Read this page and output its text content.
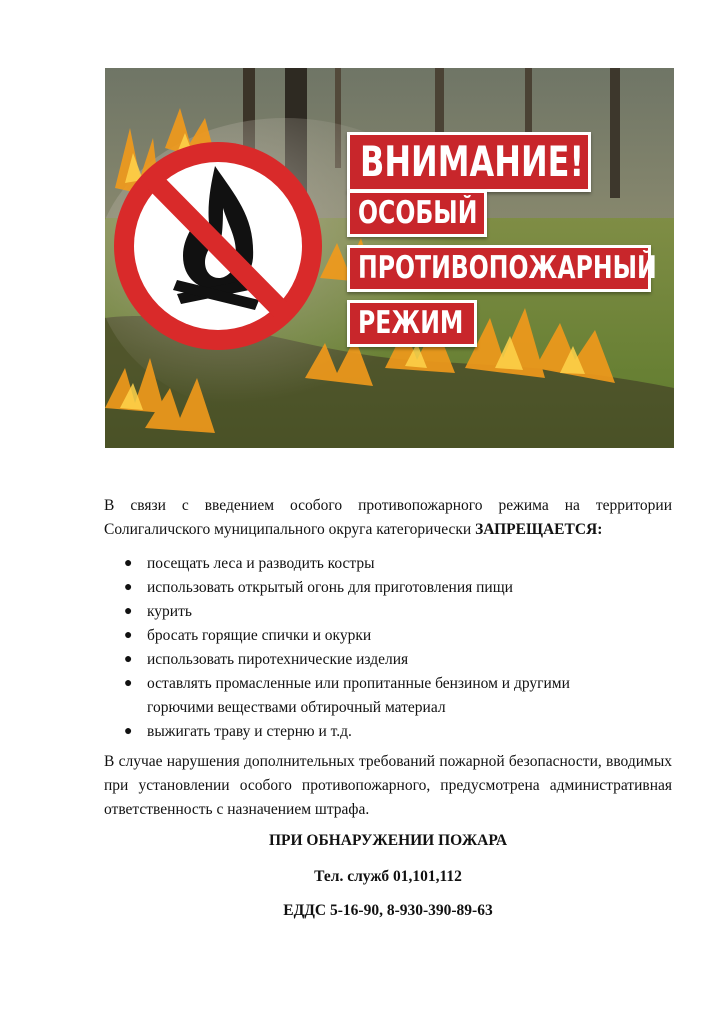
ВНИМАНИЕ!
ОСОБЫЙ
ПРОТИВОПОЖАРНЫЙ
РЕЖИМ
В связи с введением особого противопожарного режима на территории
Солигаличского муниципального округа категорически ЗАПРЕЩАЕТСЯ:
● посещать леса и разводить костры
● использовать открытый огонь для приготовления пищи
● курить
● бросать горящие спички и окурки
● использовать пиротехнические изделия
● оставлять промасленные или пропитанные бензином и другими горючими веществами обтирочный материал
● выжигать траву и стерню и т.д.
В случае нарушения дополнительных требований пожарной безопасности, вводимых при установлении особого противопожарного, предусмотрена административная ответственность с назначением штрафа.
ПРИ ОБНАРУЖЕНИИ ПОЖАРА
Тел. служб 01,101,112
ЕДДС 5-16-90, 8-930-390-89-63
